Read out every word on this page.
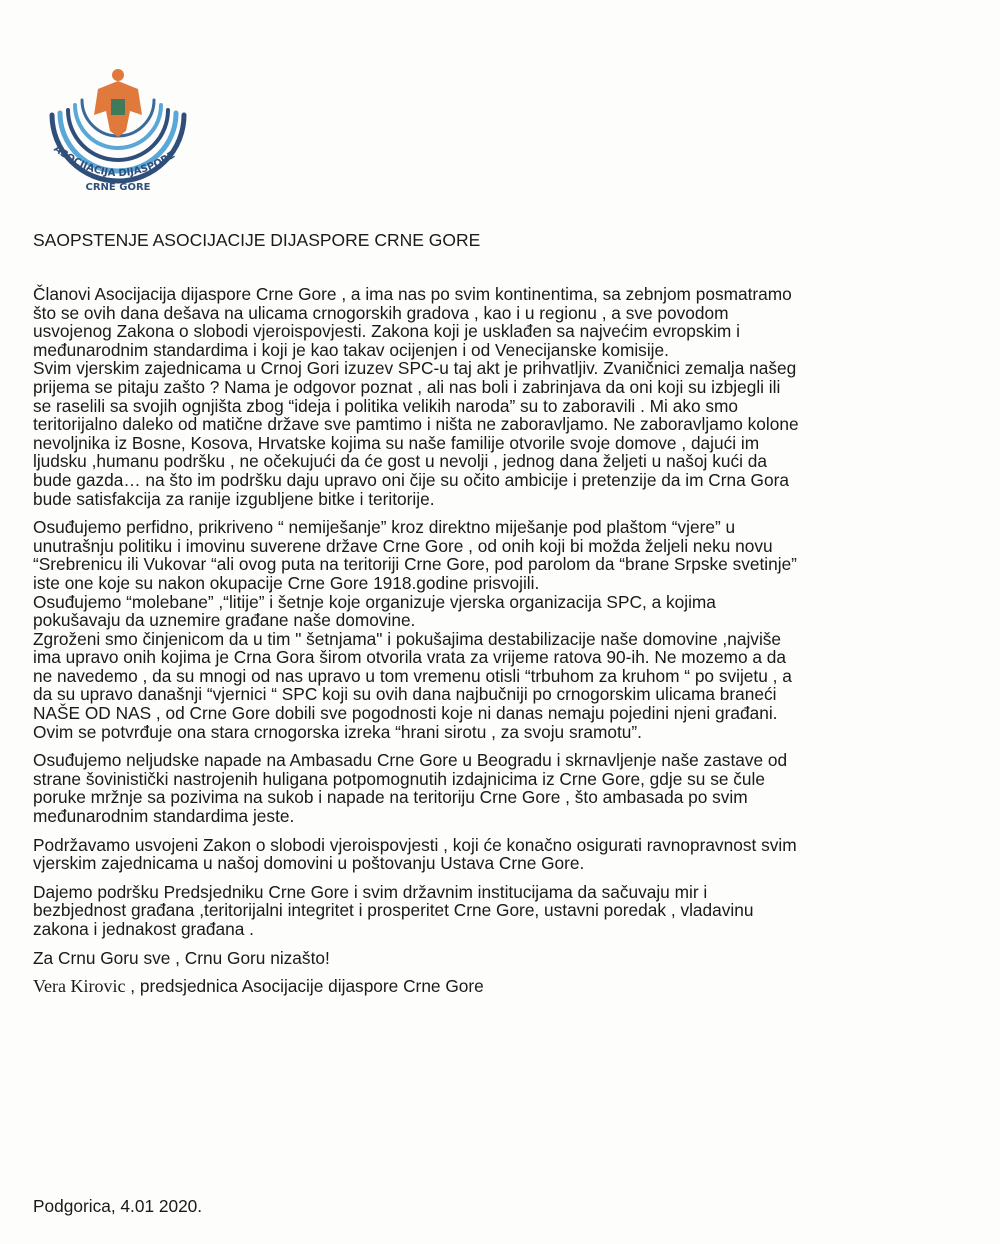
ASOCIJACIJA DIJASPORE
CRNE GORE
SAOPSTENJE ASOCIJACIJE DIJASPORE CRNE GORE
Članovi Asocijacija dijaspore Crne Gore , a ima nas po svim kontinentima, sa zebnjom posmatramo
što se ovih dana dešava na ulicama crnogorskih gradova , kao i u regionu , a sve povodom
usvojenog Zakona o slobodi vjeroispovjesti. Zakona koji je usklađen sa najvećim evropskim i
međunarodnim standardima i koji je kao takav ocijenjen i od Venecijanske komisije.
Svim vjerskim zajednicama u Crnoj Gori izuzev SPC-u taj akt je prihvatljiv. Zvaničnici zemalja našeg
prijema se pitaju zašto ? Nama je odgovor poznat , ali nas boli i zabrinjava da oni koji su izbjegli ili
se raselili sa svojih ognjišta zbog “ideja i politika velikih naroda” su to zaboravili . Mi ako smo
teritorijalno daleko od matične države sve pamtimo i ništa ne zaboravljamo. Ne zaboravljamo kolone
nevoljnika iz Bosne, Kosova, Hrvatske kojima su naše familije otvorile svoje domove , dajući im
ljudsku ,humanu podršku , ne očekujući da će gost u nevolji , jednog dana željeti u našoj kući da
bude gazda… na što im podršku daju upravo oni čije su očito ambicije i pretenzije da im Crna Gora
bude satisfakcija za ranije izgubljene bitke i teritorije.
Osuđujemo perfidno, prikriveno “ nemiješanje” kroz direktno miješanje pod plaštom “vjere” u
unutrašnju politiku i imovinu suverene države Crne Gore , od onih koji bi možda željeli neku novu
“Srebrenicu ili Vukovar “ali ovog puta na teritoriji Crne Gore, pod parolom da “brane Srpske svetinje”
iste one koje su nakon okupacije Crne Gore 1918.godine prisvojili.
Osuđujemo “molebane” ,“litije” i šetnje koje organizuje vjerska organizacija SPC, a kojima
pokušavaju da uznemire građane naše domovine.
Zgroženi smo činjenicom da u tim " šetnjama" i pokušajima destabilizacije naše domovine ,najviše
ima upravo onih kojima je Crna Gora širom otvorila vrata za vrijeme ratova 90-ih. Ne mozemo a da
ne navedemo , da su mnogi od nas upravo u tom vremenu otisli “trbuhom za kruhom “ po svijetu , a
da su upravo današnji “vjernici “ SPC koji su ovih dana najbučniji po crnogorskim ulicama braneći
NAŠE OD NAS , od Crne Gore dobili sve pogodnosti koje ni danas nemaju pojedini njeni građani.
Ovim se potvrđuje ona stara crnogorska izreka “hrani sirotu , za svoju sramotu”.
Osuđujemo neljudske napade na Ambasadu Crne Gore u Beogradu i skrnavljenje naše zastave od
strane šovinistički nastrojenih huligana potpomognutih izdajnicima iz Crne Gore, gdje su se čule
poruke mržnje sa pozivima na sukob i napade na teritoriju Crne Gore , što ambasada po svim
međunarodnim standardima jeste.
Podržavamo usvojeni Zakon o slobodi vjeroispovjesti , koji će konačno osigurati ravnopravnost svim
vjerskim zajednicama u našoj domovini u poštovanju Ustava Crne Gore.
Dajemo podršku Predsjedniku Crne Gore i svim državnim institucijama da sačuvaju mir i
bezbjednost građana ,teritorijalni integritet i prosperitet Crne Gore, ustavni poredak , vladavinu
zakona i jednakost građana .
Za Crnu Goru sve , Crnu Goru nizašto!
Vera Kirovic , predsjednica Asocijacije dijaspore Crne Gore
Podgorica, 4.01 2020.
